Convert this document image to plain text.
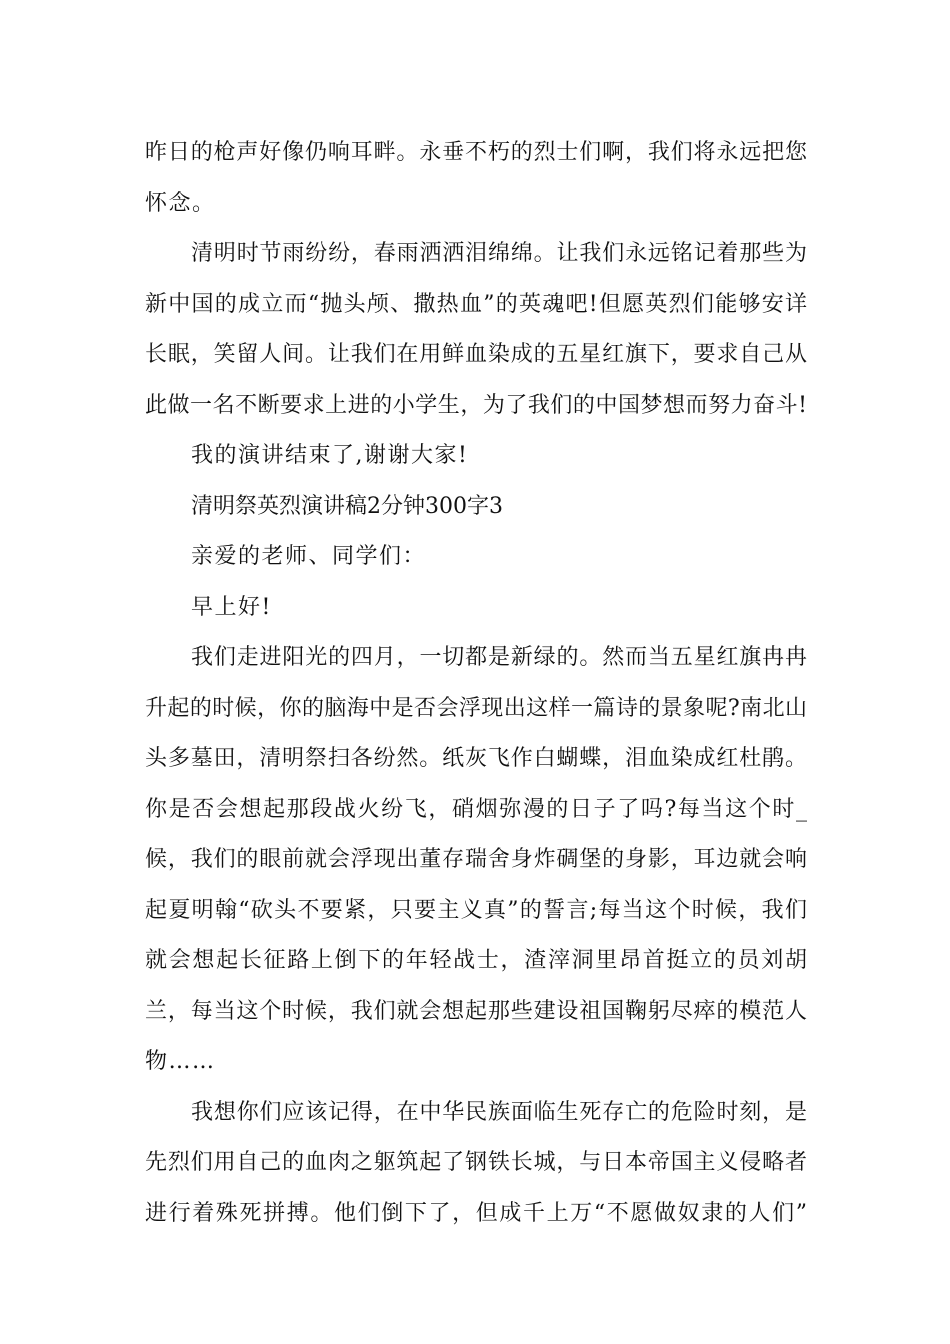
昨日的枪声好像仍响耳畔。永垂不朽的烈士们啊，我们将永远把您
怀念。
清明时节雨纷纷，春雨洒洒泪绵绵。让我们永远铭记着那些为
新中国的成立而“抛头颅、撒热血”的英魂吧!但愿英烈们能够安详
长眠，笑留人间。让我们在用鲜血染成的五星红旗下，要求自己从
此做一名不断要求上进的小学生，为了我们的中国梦想而努力奋斗!
我的演讲结束了,谢谢大家!
清明祭英烈演讲稿2分钟300字3
亲爱的老师、同学们：
早上好!
我们走进阳光的四月，一切都是新绿的。然而当五星红旗冉冉
升起的时候，你的脑海中是否会浮现出这样一篇诗的景象呢?南北山
头多墓田，清明祭扫各纷然。纸灰飞作白蝴蝶，泪血染成红杜鹃。
你是否会想起那段战火纷飞，硝烟弥漫的日子了吗?每当这个时_
候，我们的眼前就会浮现出董存瑞舍身炸碉堡的身影，耳边就会响
起夏明翰“砍头不要紧，只要主义真”的誓言;每当这个时候，我们
就会想起长征路上倒下的年轻战士，渣滓洞里昂首挺立的员刘胡
兰，每当这个时候，我们就会想起那些建设祖国鞠躬尽瘁的模范人
物……
我想你们应该记得，在中华民族面临生死存亡的危险时刻，是
先烈们用自己的血肉之躯筑起了钢铁长城，与日本帝国主义侵略者
进行着殊死拼搏。他们倒下了，但成千上万“不愿做奴隶的人们”
